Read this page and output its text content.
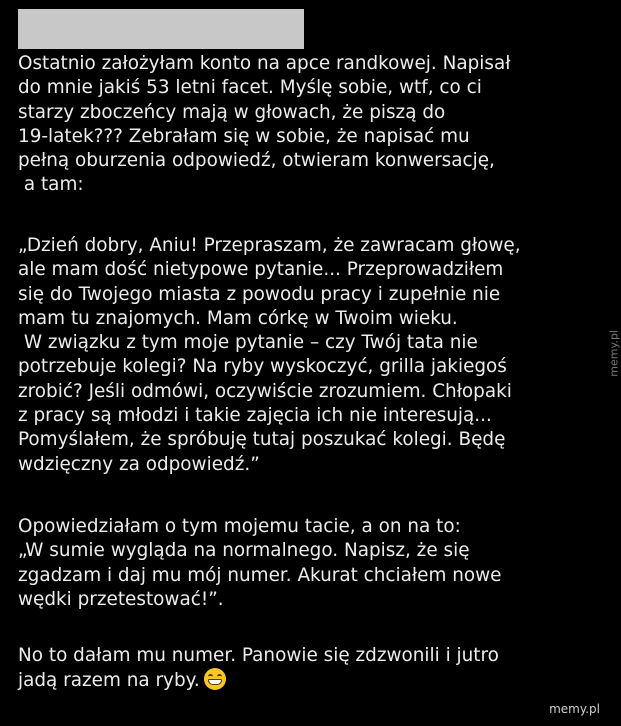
Ostatnio założyłam konto na apce randkowej. Napisał
do mnie jakiś 53 letni facet. Myślę sobie, wtf, co ci
starzy zboczeńcy mają w głowach, że piszą do
19-latek??? Zebrałam się w sobie, że napisać mu
pełną oburzenia odpowiedź, otwieram konwersację,
a tam:
„Dzień dobry, Aniu! Przepraszam, że zawracam głowę,
ale mam dość nietypowe pytanie... Przeprowadziłem
się do Twojego miasta z powodu pracy i zupełnie nie
mam tu znajomych. Mam córkę w Twoim wieku.
W związku z tym moje pytanie – czy Twój tata nie
potrzebuje kolegi? Na ryby wyskoczyć, grilla jakiegoś
zrobić? Jeśli odmówi, oczywiście zrozumiem. Chłopaki
z pracy są młodzi i takie zajęcia ich nie interesują...
Pomyślałem, że spróbuję tutaj poszukać kolegi. Będę
wdzięczny za odpowiedź.”
Opowiedziałam o tym mojemu tacie, a on na to:
„W sumie wygląda na normalnego. Napisz, że się
zgadzam i daj mu mój numer. Akurat chciałem nowe
wędki przetestować!”.
No to dałam mu numer. Panowie się zdzwonili i jutro
jadą razem na ryby.
memy.pl
memy.pl
